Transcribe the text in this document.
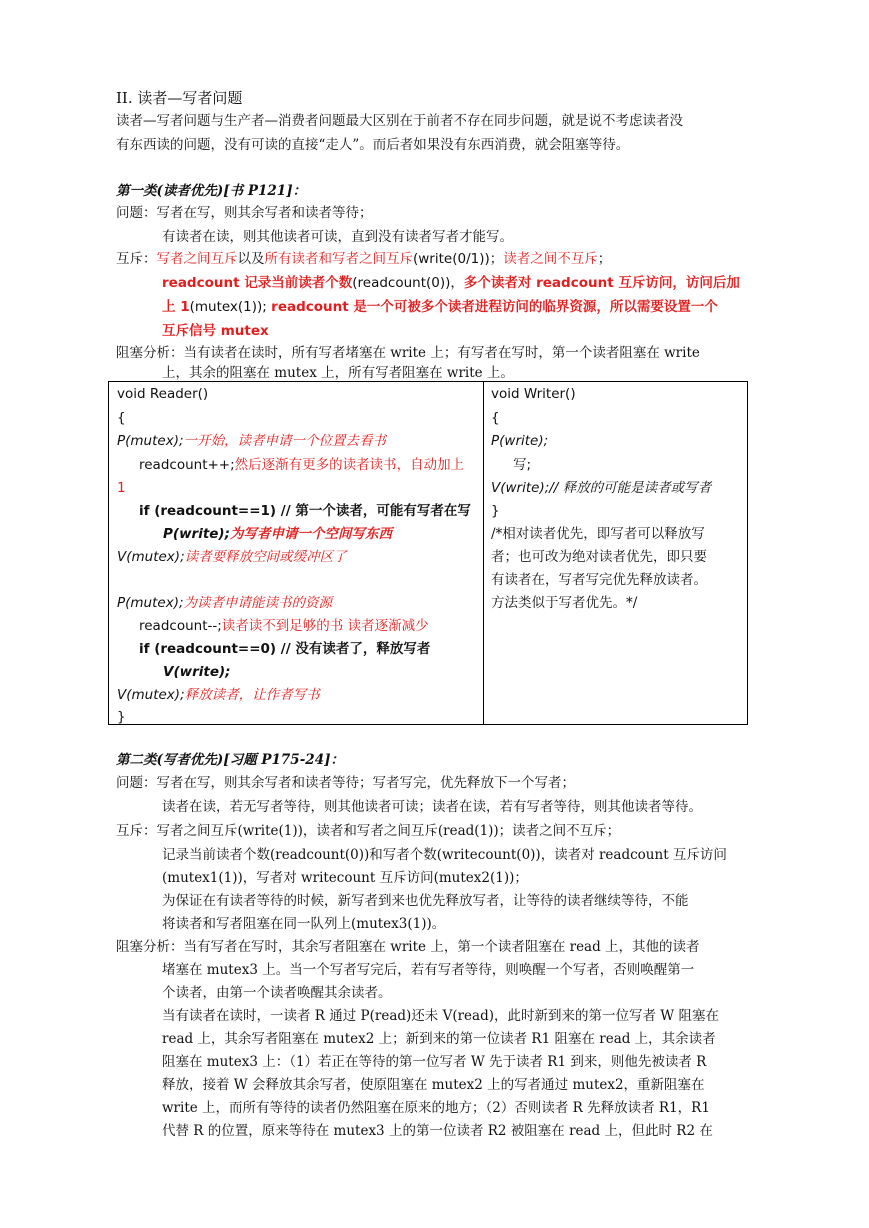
II. 读者—写者问题
读者—写者问题与生产者—消费者问题最大区别在于前者不存在同步问题，就是说不考虑读者没
有东西读的问题，没有可读的直接“走人”。而后者如果没有东西消费，就会阻塞等待。
第一类(读者优先)[书 P121]：
问题：写者在写，则其余写者和读者等待；
有读者在读，则其他读者可读，直到没有读者写者才能写。
互斥：写者之间互斥以及所有读者和写者之间互斥(write(0/1))；读者之间不互斥；
readcount 记录当前读者个数(readcount(0))，多个读者对 readcount 互斥访问，访问后加
上 1(mutex(1)); readcount 是一个可被多个读者进程访问的临界资源，所以需要设置一个
互斥信号 mutex
阻塞分析：当有读者在读时，所有写者堵塞在 write 上；有写者在写时，第一个读者阻塞在 write
上，其余的阻塞在 mutex 上，所有写者阻塞在 write 上。
void Reader()
{
P(mutex);一开始，读者申请一个位置去看书
readcount++;然后逐渐有更多的读者读书，自动加上
1
if (readcount==1) // 第一个读者，可能有写者在写
P(write);为写者申请一个空间写东西
V(mutex);读者要释放空间或缓冲区了
P(mutex);为读者申请能读书的资源
readcount--;读者读不到足够的书 读者逐渐减少
if (readcount==0) // 没有读者了，释放写者
V(write);
V(mutex);释放读者，让作者写书
}
void Writer()
{
P(write);
写;
V(write);// 释放的可能是读者或写者
}
/*相对读者优先，即写者可以释放写
者；也可改为绝对读者优先，即只要
有读者在，写者写完优先释放读者。
方法类似于写者优先。*/
第二类(写者优先)[习题 P175-24]：
问题：写者在写，则其余写者和读者等待；写者写完，优先释放下一个写者；
读者在读，若无写者等待，则其他读者可读；读者在读，若有写者等待，则其他读者等待。
互斥：写者之间互斥(write(1))，读者和写者之间互斥(read(1))；读者之间不互斥；
记录当前读者个数(readcount(0))和写者个数(writecount(0))，读者对 readcount 互斥访问
(mutex1(1))，写者对 writecount 互斥访问(mutex2(1))；
为保证在有读者等待的时候，新写者到来也优先释放写者，让等待的读者继续等待，不能
将读者和写者阻塞在同一队列上(mutex3(1))。
阻塞分析：当有写者在写时，其余写者阻塞在 write 上，第一个读者阻塞在 read 上，其他的读者
堵塞在 mutex3 上。当一个写者写完后，若有写者等待，则唤醒一个写者，否则唤醒第一
个读者，由第一个读者唤醒其余读者。
当有读者在读时，一读者 R 通过 P(read)还未 V(read)，此时新到来的第一位写者 W 阻塞在
read 上，其余写者阻塞在 mutex2 上；新到来的第一位读者 R1 阻塞在 read 上，其余读者
阻塞在 mutex3 上：（1）若正在等待的第一位写者 W 先于读者 R1 到来，则他先被读者 R
释放，接着 W 会释放其余写者，使原阻塞在 mutex2 上的写者通过 mutex2，重新阻塞在
write 上，而所有等待的读者仍然阻塞在原来的地方；（2）否则读者 R 先释放读者 R1，R1
代替 R 的位置，原来等待在 mutex3 上的第一位读者 R2 被阻塞在 read 上，但此时 R2 在
